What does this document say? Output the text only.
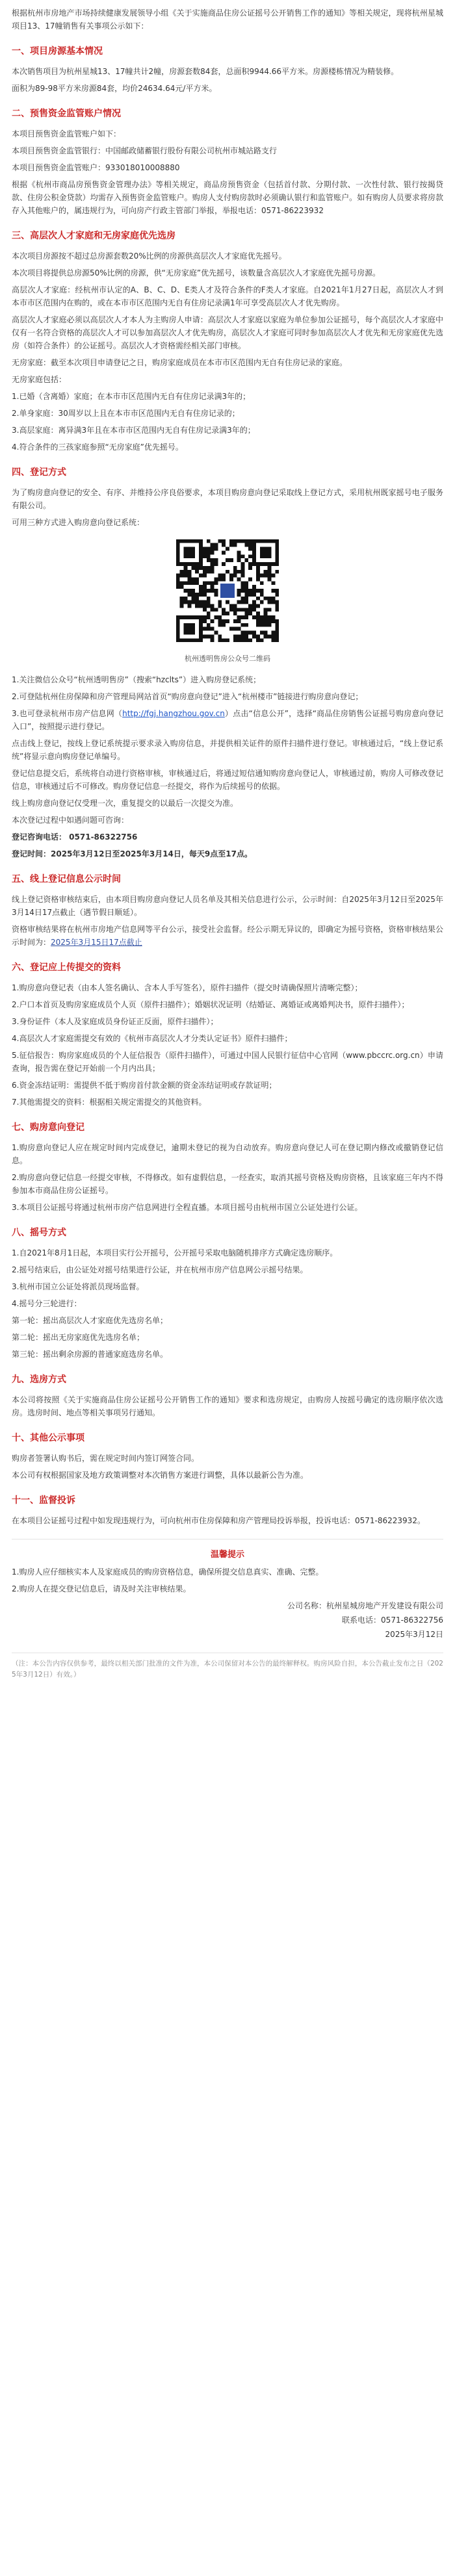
根据杭州市房地产市场持续健康发展领导小组《关于实施商品住房公证摇号公开销售工作的通知》等相关规定，现将杭州星城项目13、17幢销售有关事项公示如下：

一、项目房源基本情况

本次销售项目为杭州星城13、17幢共计2幢，房源套数84套，总面积9944.66平方米。房源楼栋情况为精装修。

面积为89-98平方米房源84套，均价24634.64元/平方米。

二、预售资金监管账户情况

本项目预售资金监管账户如下：

本项目预售资金监管银行：中国邮政储蓄银行股份有限公司杭州市城站路支行

本项目预售资金监管账户：933018010008880

根据《杭州市商品房预售资金管理办法》等相关规定，商品房预售资金（包括首付款、分期付款、一次性付款、银行按揭贷款、住房公积金贷款）均需存入预售资金监管账户。购房人支付购房款时必须确认银行和监管账户。如有购房人员要求将房款存入其他账户的，属违规行为，可向房产行政主管部门举报，举报电话：0571-86223932

三、高层次人才家庭和无房家庭优先选房

本次项目房源按不超过总房源套数20%比例的房源供高层次人才家庭优先摇号。

本次项目将提供总房源50%比例的房源，供“无房家庭”优先摇号，该数量含高层次人才家庭优先摇号房源。

高层次人才家庭：经杭州市认定的A、B、C、D、E类人才及符合条件的F类人才家庭。自2021年1月27日起，高层次人才到本市市区范围内在购的，或在本市市区范围内无自有住房记录满1年可享受高层次人才优先购房。

高层次人才家庭必须以高层次人才本人为主购房人申请：高层次人才家庭以家庭为单位参加公证摇号，每个高层次人才家庭中仅有一名符合资格的高层次人才可以参加高层次人才优先购房，高层次人才家庭可同时参加高层次人才优先和无房家庭优先选房（如符合条件）的公证摇号。高层次人才资格需经相关部门审核。

无房家庭：截至本次项目申请登记之日，购房家庭成员在本市市区范围内无自有住房记录的家庭。

无房家庭包括：

1.已婚（含离婚）家庭；在本市市区范围内无自有住房记录满3年的；

2.单身家庭：30周岁以上且在本市市区范围内无自有住房记录的；

3.高层家庭：离异满3年且在本市市区范围内无自有住房记录满3年的；

4.符合条件的三孩家庭参照“无房家庭”优先摇号。

四、登记方式

为了购房意向登记的安全、有序、并维持公序良俗要求，本项目购房意向登记采取线上登记方式，采用杭州既家摇号电子服务有限公司。

可用三种方式进入购房意向登记系统：

杭州透明售房公众号二维码

1.关注微信公众号“杭州透明售房”（搜索“hzclts”）进入购房登记系统；

2.可登陆杭州住房保障和房产管理局网站首页“购房意向登记”进入“杭州楼市”链接进行购房意向登记；

3.也可登录杭州市房产信息网（http://fgj.hangzhou.gov.cn）点击“信息公开”，选择“商品住房销售公证摇号购房意向登记入口”，按照提示进行登记。

点击线上登记，按线上登记系统提示要求录入购房信息，并提供相关证件的原件扫描件进行登记。审核通过后，“线上登记系统”将显示意向购房登记单编号。

登记信息提交后，系统将自动进行资格审核，审核通过后，将通过短信通知购房意向登记人，审核通过前，购房人可修改登记信息，审核通过后不可修改。购房登记信息一经提交，将作为后续摇号的依据。

线上购房意向登记仅受理一次，重复提交的以最后一次提交为准。

本次登记过程中如遇问题可咨询：

登记咨询电话： 0571-86322756

登记时间：2025年3月12日至2025年3月14日，每天9点至17点。

五、线上登记信息公示时间

线上登记资格审核结束后，由本项目购房意向登记人员名单及其相关信息进行公示，公示时间：自2025年3月12日至2025年3月14日17点截止（遇节假日顺延）。

资格审核结果将在杭州市房地产信息网等平台公示，接受社会监督。经公示期无异议的，即确定为摇号资格，资格审核结果公示时间为：2025年3月15日17点截止

六、登记应上传提交的资料

1.购房意向登记表（由本人签名确认、含本人手写签名），原件扫描件（提交时请确保照片清晰完整）；

2.户口本首页及购房家庭成员个人页（原件扫描件）；婚姻状况证明（结婚证、离婚证或离婚判决书，原件扫描件）；

3.身份证件（本人及家庭成员身份证正反面，原件扫描件）；

4.高层次人才家庭需提交有效的《杭州市高层次人才分类认定证书》原件扫描件；

5.征信报告：购房家庭成员的个人征信报告（原件扫描件），可通过中国人民银行征信中心官网（www.pbccrc.org.cn）申请查询，报告需在登记开始前一个月内出具；

6.资金冻结证明：需提供不低于购房首付款金额的资金冻结证明或存款证明；

7.其他需提交的资料：根据相关规定需提交的其他资料。

七、购房意向登记

1.购房意向登记人应在规定时间内完成登记，逾期未登记的视为自动放弃。购房意向登记人可在登记期内修改或撤销登记信息。

2.购房意向登记信息一经提交审核，不得修改。如有虚假信息，一经查实，取消其摇号资格及购房资格，且该家庭三年内不得参加本市商品住房公证摇号。

3.本项目公证摇号将通过杭州市房产信息网进行全程直播。本项目摇号由杭州市国立公证处进行公证。

八、摇号方式

1.自2021年8月1日起，本项目实行公开摇号，公开摇号采取电脑随机排序方式确定选房顺序。

2.摇号结束后，由公证处对摇号结果进行公证，并在杭州市房产信息网公示摇号结果。

3.杭州市国立公证处将派员现场监督。

4.摇号分三轮进行：

第一轮：摇出高层次人才家庭优先选房名单；

第二轮：摇出无房家庭优先选房名单；

第三轮：摇出剩余房源的普通家庭选房名单。

九、选房方式

本公司将按照《关于实施商品住房公证摇号公开销售工作的通知》要求和选房规定，由购房人按摇号确定的选房顺序依次选房。选房时间、地点等相关事项另行通知。

十、其他公示事项

购房者签署认购书后，需在规定时间内签订网签合同。

本公司有权根据国家及地方政策调整对本次销售方案进行调整，具体以最新公告为准。

十一、监督投诉

在本项目公证摇号过程中如发现违规行为，可向杭州市住房保障和房产管理局投诉举报，投诉电话：0571-86223932。

温馨提示

1.购房人应仔细核实本人及家庭成员的购房资格信息，确保所提交信息真实、准确、完整。

2.购房人在提交登记信息后，请及时关注审核结果。

公司名称：杭州星城房地产开发建设有限公司

联系电话：0571-86322756

2025年3月12日

（注：本公告内容仅供参考，最终以相关部门批准的文件为准，本公司保留对本公告的最终解释权。购房风险自担，本公告截止发布之日（2025年3月12日）有效。）
